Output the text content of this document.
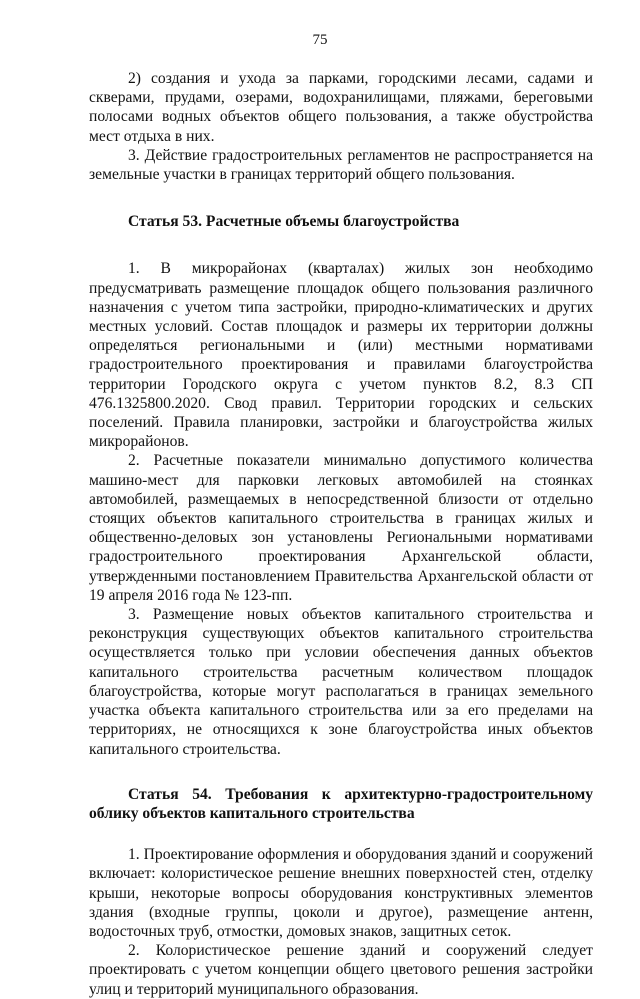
75

2) создания и ухода за парками, городскими лесами, садами и скверами, прудами, озерами, водохранилищами, пляжами, береговыми полосами водных объектов общего пользования, а также обустройства мест отдыха в них.

3. Действие градостроительных регламентов не распространяется на земельные участки в границах территорий общего пользования.

Статья 53. Расчетные объемы благоустройства

1. В микрорайонах (кварталах) жилых зон необходимо предусматривать размещение площадок общего пользования различного назначения с учетом типа застройки, природно-климатических и других местных условий. Состав площадок и размеры их территории должны определяться региональными и (или) местными нормативами градостроительного проектирования и правилами благоустройства территории Городского округа с учетом пунктов 8.2, 8.3 СП 476.1325800.2020. Свод правил. Территории городских и сельских поселений. Правила планировки, застройки и благоустройства жилых микрорайонов.

2. Расчетные показатели минимально допустимого количества машино-мест для парковки легковых автомобилей на стоянках автомобилей, размещаемых в непосредственной близости от отдельно стоящих объектов капитального строительства в границах жилых и общественно-деловых зон установлены Региональными нормативами градостроительного проектирования Архангельской области, утвержденными постановлением Правительства Архангельской области от 19 апреля 2016 года № 123-пп.

3. Размещение новых объектов капитального строительства и реконструкция существующих объектов капитального строительства осуществляется только при условии обеспечения данных объектов капитального строительства расчетным количеством площадок благоустройства, которые могут располагаться в границах земельного участка объекта капитального строительства или за его пределами на территориях, не относящихся к зоне благоустройства иных объектов капитального строительства.

Статья 54. Требования к архитектурно-градостроительному облику объектов капитального строительства

1. Проектирование оформления и оборудования зданий и сооружений включает: колористическое решение внешних поверхностей стен, отделку крыши, некоторые вопросы оборудования конструктивных элементов здания (входные группы, цоколи и другое), размещение антенн, водосточных труб, отмостки, домовых знаков, защитных сеток.

2. Колористическое решение зданий и сооружений следует проектировать с учетом концепции общего цветового решения застройки улиц и территорий муниципального образования.
